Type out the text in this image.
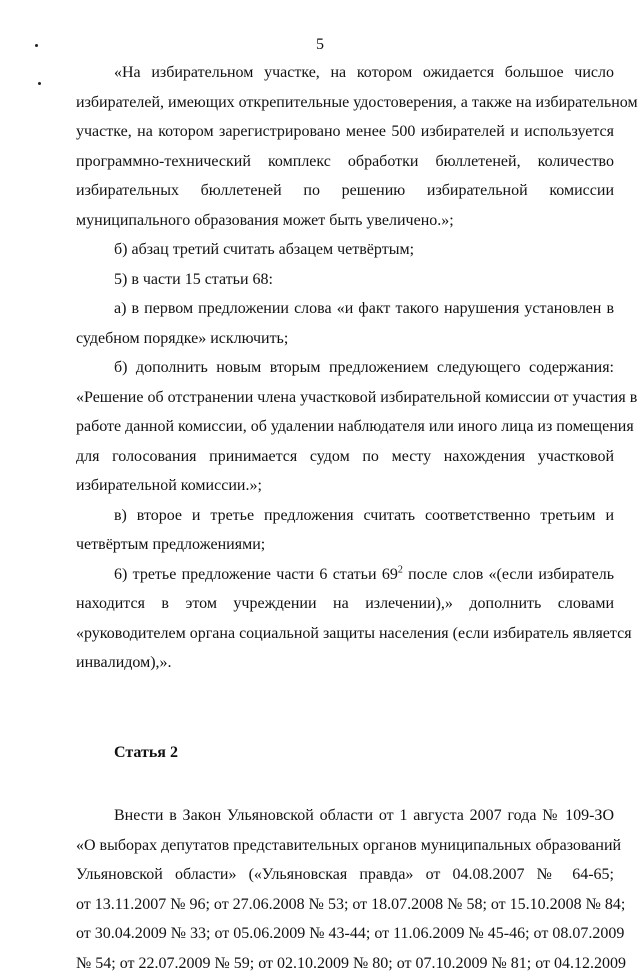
5
«На избирательном участке, на котором ожидается большое число
избирателей, имеющих открепительные удостоверения, а также на избирательном
участке, на котором зарегистрировано менее 500 избирателей и используется
программно-технический комплекс обработки бюллетеней, количество
избирательных бюллетеней по решению избирательной комиссии
муниципального образования может быть увеличено.»;
б) абзац третий считать абзацем четвёртым;
5) в части 15 статьи 68:
а) в первом предложении слова «и факт такого нарушения установлен в
судебном порядке» исключить;
б) дополнить новым вторым предложением следующего содержания:
«Решение об отстранении члена участковой избирательной комиссии от участия в
работе данной комиссии, об удалении наблюдателя или иного лица из помещения
для голосования принимается судом по месту нахождения участковой
избирательной комиссии.»;
в) второе и третье предложения считать соответственно третьим и
четвёртым предложениями;
6) третье предложение части 6 статьи $69^2$ после слов «(если избиратель
находится в этом учреждении на излечении),» дополнить словами
«руководителем органа социальной защиты населения (если избиратель является
инвалидом),».
Статья 2
Внести в Закон Ульяновской области от 1 августа 2007 года № 109-ЗО
«О выборах депутатов представительных органов муниципальных образований
Ульяновской области» («Ульяновская правда» от 04.08.2007 № 64-65;
от 13.11.2007 № 96; от 27.06.2008 № 53; от 18.07.2008 № 58; от 15.10.2008 № 84;
от 30.04.2009 № 33; от 05.06.2009 № 43-44; от 11.06.2009 № 45-46; от 08.07.2009
№ 54; от 22.07.2009 № 59; от 02.10.2009 № 80; от 07.10.2009 № 81; от 04.12.2009
